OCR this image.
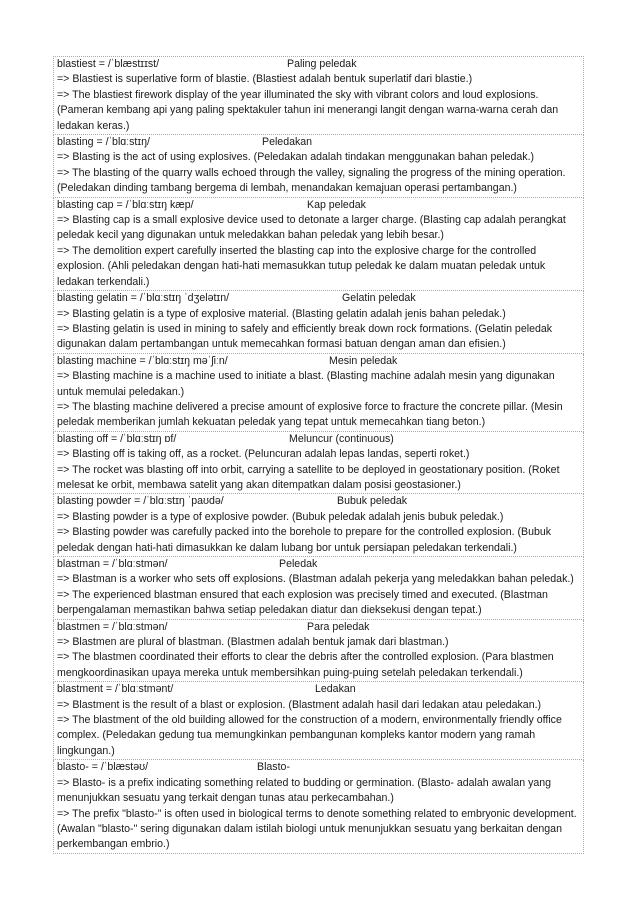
blastiest = /ˈblæstɪɪst/	Paling peledak
=> Blastiest is superlative form of blastie. (Blastiest adalah bentuk superlatif dari blastie.)
=> The blastiest firework display of the year illuminated the sky with vibrant colors and loud explosions. (Pameran kembang api yang paling spektakuler tahun ini menerangi langit dengan warna-warna cerah dan ledakan keras.)
blasting = /ˈblɑːstɪŋ/	Peledakan
=> Blasting is the act of using explosives. (Peledakan adalah tindakan menggunakan bahan peledak.)
=> The blasting of the quarry walls echoed through the valley, signaling the progress of the mining operation. (Peledakan dinding tambang bergema di lembah, menandakan kemajuan operasi pertambangan.)
blasting cap = /ˈblɑːstɪŋ kæp/	Kap peledak
=> Blasting cap is a small explosive device used to detonate a larger charge. (Blasting cap adalah perangkat peledak kecil yang digunakan untuk meledakkan bahan peledak yang lebih besar.)
=> The demolition expert carefully inserted the blasting cap into the explosive charge for the controlled explosion. (Ahli peledakan dengan hati-hati memasukkan tutup peledak ke dalam muatan peledak untuk ledakan terkendali.)
blasting gelatin = /ˈblɑːstɪŋ ˈdʒelətɪn/	Gelatin peledak
=> Blasting gelatin is a type of explosive material. (Blasting gelatin adalah jenis bahan peledak.)
=> Blasting gelatin is used in mining to safely and efficiently break down rock formations. (Gelatin peledak digunakan dalam pertambangan untuk memecahkan formasi batuan dengan aman dan efisien.)
blasting machine = /ˈblɑːstɪŋ məˈʃiːn/	Mesin peledak
=> Blasting machine is a machine used to initiate a blast. (Blasting machine adalah mesin yang digunakan untuk memulai peledakan.)
=> The blasting machine delivered a precise amount of explosive force to fracture the concrete pillar. (Mesin peledak memberikan jumlah kekuatan peledak yang tepat untuk memecahkan tiang beton.)
blasting off = /ˈblɑːstɪŋ ɒf/	Meluncur (continuous)
=> Blasting off is taking off, as a rocket. (Peluncuran adalah lepas landas, seperti roket.)
=> The rocket was blasting off into orbit, carrying a satellite to be deployed in geostationary position. (Roket melesat ke orbit, membawa satelit yang akan ditempatkan dalam posisi geostasioner.)
blasting powder = /ˈblɑːstɪŋ ˈpaʊdə/	Bubuk peledak
=> Blasting powder is a type of explosive powder. (Bubuk peledak adalah jenis bubuk peledak.)
=> Blasting powder was carefully packed into the borehole to prepare for the controlled explosion. (Bubuk peledak dengan hati-hati dimasukkan ke dalam lubang bor untuk persiapan peledakan terkendali.)
blastman = /ˈblɑːstmən/	Peledak
=> Blastman is a worker who sets off explosions. (Blastman adalah pekerja yang meledakkan bahan peledak.)
=> The experienced blastman ensured that each explosion was precisely timed and executed. (Blastman berpengalaman memastikan bahwa setiap peledakan diatur dan dieksekusi dengan tepat.)
blastmen = /ˈblɑːstmən/	Para peledak
=> Blastmen are plural of blastman. (Blastmen adalah bentuk jamak dari blastman.)
=> The blastmen coordinated their efforts to clear the debris after the controlled explosion. (Para blastmen mengkoordinasikan upaya mereka untuk membersihkan puing-puing setelah peledakan terkendali.)
blastment = /ˈblɑːstmənt/	Ledakan
=> Blastment is the result of a blast or explosion. (Blastment adalah hasil dari ledakan atau peledakan.)
=> The blastment of the old building allowed for the construction of a modern, environmentally friendly office complex. (Peledakan gedung tua memungkinkan pembangunan kompleks kantor modern yang ramah lingkungan.)
blasto- = /ˈblæstəʊ/	Blasto-
=> Blasto- is a prefix indicating something related to budding or germination. (Blasto- adalah awalan yang menunjukkan sesuatu yang terkait dengan tunas atau perkecambahan.)
=> The prefix "blasto-" is often used in biological terms to denote something related to embryonic development. (Awalan "blasto-" sering digunakan dalam istilah biologi untuk menunjukkan sesuatu yang berkaitan dengan perkembangan embrio.)
